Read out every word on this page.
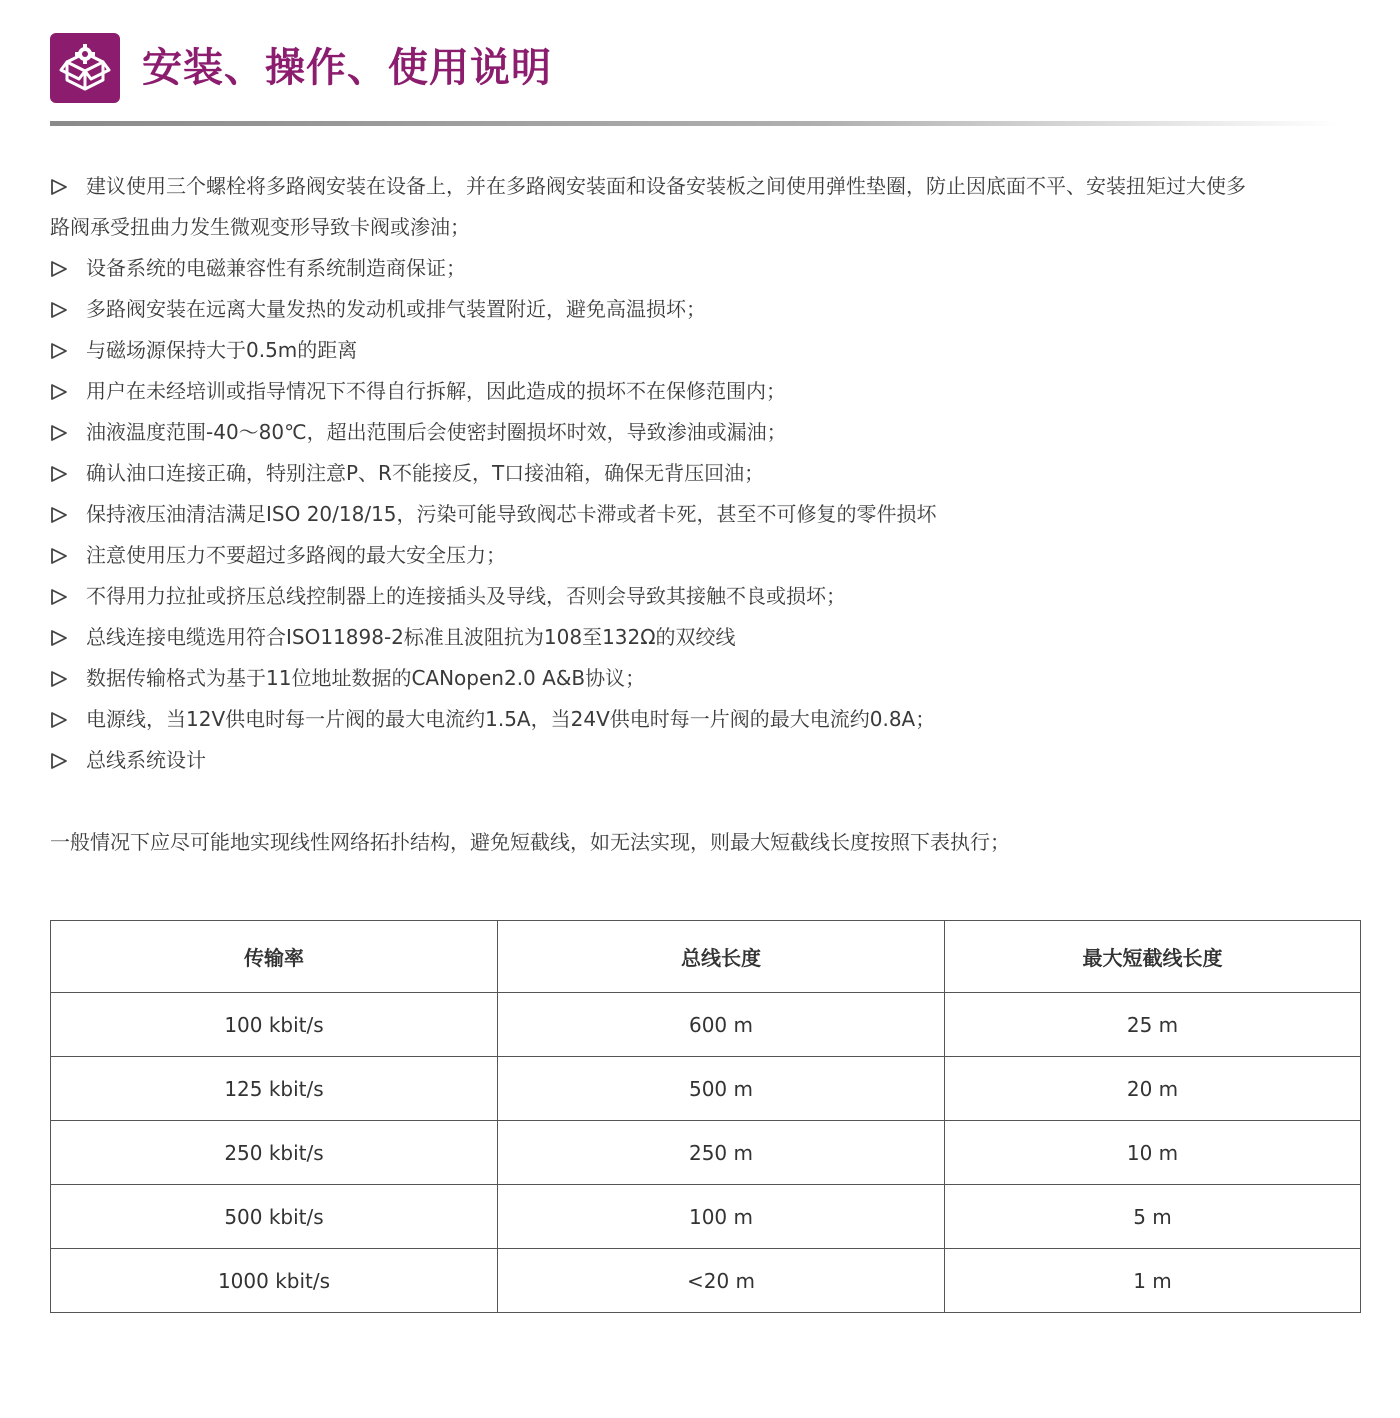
安装、操作、使用说明
建议使用三个螺栓将多路阀安装在设备上，并在多路阀安装面和设备安装板之间使用弹性垫圈，防止因底面不平、安装扭矩过大使多
路阀承受扭曲力发生微观变形导致卡阀或渗油；
设备系统的电磁兼容性有系统制造商保证；
多路阀安装在远离大量发热的发动机或排气装置附近，避免高温损坏；
与磁场源保持大于0.5m的距离
用户在未经培训或指导情况下不得自行拆解，因此造成的损坏不在保修范围内；
油液温度范围-40～80℃，超出范围后会使密封圈损坏时效，导致渗油或漏油；
确认油口连接正确，特别注意P、R不能接反，T口接油箱，确保无背压回油；
保持液压油清洁满足ISO 20/18/15，污染可能导致阀芯卡滞或者卡死，甚至不可修复的零件损坏
注意使用压力不要超过多路阀的最大安全压力；
不得用力拉扯或挤压总线控制器上的连接插头及导线，否则会导致其接触不良或损坏；
总线连接电缆选用符合ISO11898-2标准且波阻抗为108至132Ω的双绞线
数据传输格式为基于11位地址数据的CANopen2.0 A&B协议；
电源线，当12V供电时每一片阀的最大电流约1.5A，当24V供电时每一片阀的最大电流约0.8A；
总线系统设计
一般情况下应尽可能地实现线性网络拓扑结构，避免短截线，如无法实现，则最大短截线长度按照下表执行；
传输率	总线长度	最大短截线长度
100 kbit/s	600 m	25 m
125 kbit/s	500 m	20 m
250 kbit/s	250 m	10 m
500 kbit/s	100 m	5 m
1000 kbit/s	<20 m	1 m
